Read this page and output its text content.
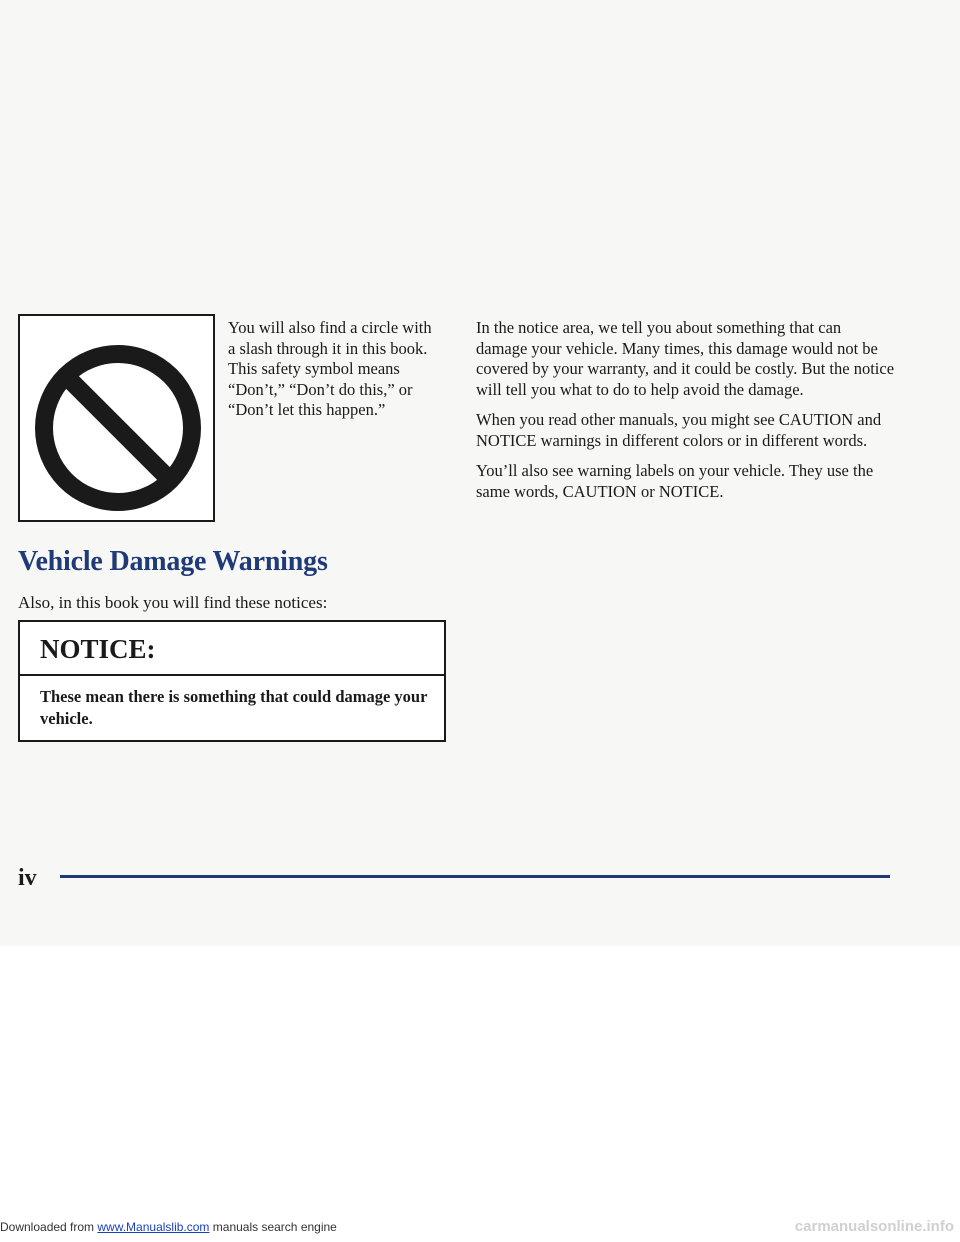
You will also find a circle with a slash through it in this book. This safety symbol means “Don’t,” “Don’t do this,” or “Don’t let this happen.”

Vehicle Damage Warnings

Also, in this book you will find these notices:

NOTICE:
These mean there is something that could damage your vehicle.

In the notice area, we tell you about something that can damage your vehicle. Many times, this damage would not be covered by your warranty, and it could be costly. But the notice will tell you what to do to help avoid the damage.

When you read other manuals, you might see CAUTION and NOTICE warnings in different colors or in different words.

You’ll also see warning labels on your vehicle. They use the same words, CAUTION or NOTICE.

iv
Downloaded from www.Manualslib.com manuals search engine	carmanualsonline.info
